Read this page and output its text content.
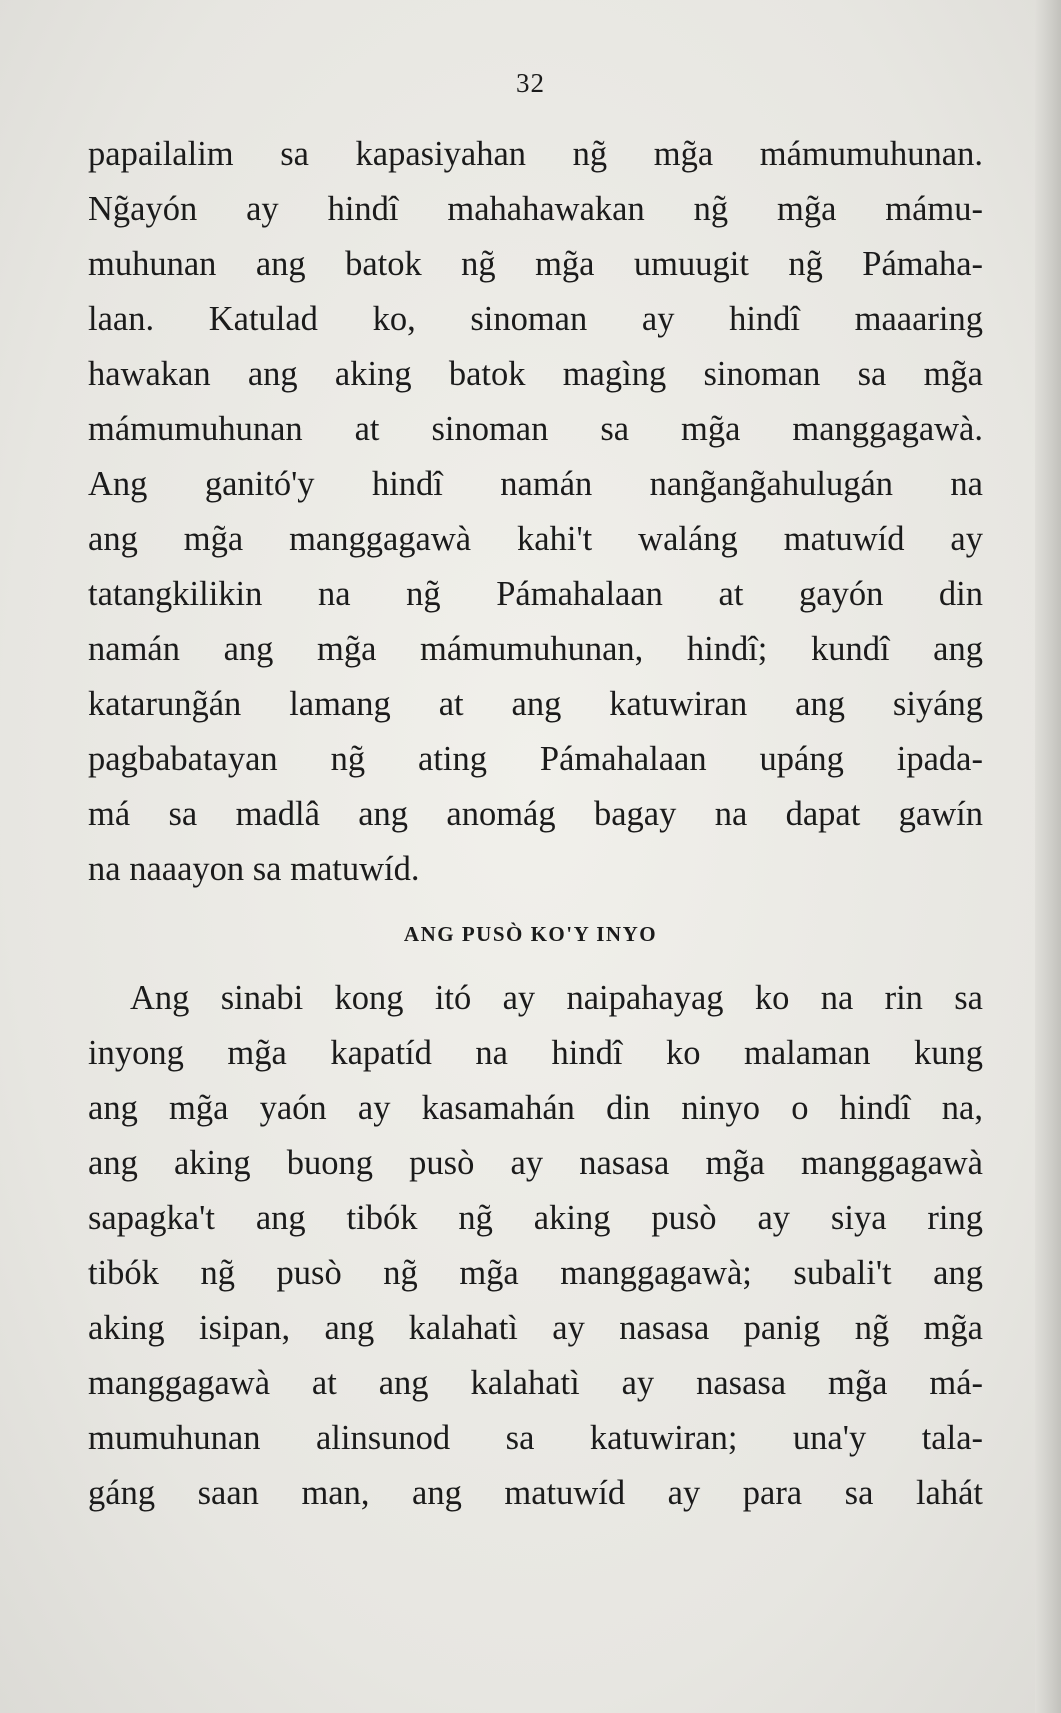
32
papailalim sa kapasiyahan ng̃ mg̃a mámumuhunan.
Ng̃ayón ay hindî mahahawakan ng̃ mg̃a mámu-
muhunan ang batok ng̃ mg̃a umuugit ng̃ Pámaha-
laan. Katulad ko, sinoman ay hindî maaaring
hawakan ang aking batok magìng sinoman sa mg̃a
mámumuhunan at sinoman sa mg̃a manggagawà.
Ang ganitó'y hindî namán nang̃ang̃ahulugán na
ang mg̃a manggagawà kahi't waláng matuwíd ay
tatangkilikin na ng̃ Pámahalaan at gayón din
namán ang mg̃a mámumuhunan, hindî; kundî ang
katarung̃án lamang at ang katuwiran ang siyáng
pagbabatayan ng̃ ating Pámahalaan upáng ipada-
má sa madlâ ang anomág bagay na dapat gawín
na naaayon sa matuwíd.
ANG PUSÒ KO'Y INYO
Ang sinabi kong itó ay naipahayag ko na rin sa
inyong mg̃a kapatíd na hindî ko malaman kung
ang mg̃a yaón ay kasamahán din ninyo o hindî na,
ang aking buong pusò ay nasasa mg̃a manggagawà
sapagka't ang tibók ng̃ aking pusò ay siya ring
tibók ng̃ pusò ng̃ mg̃a manggagawà; subali't ang
aking isipan, ang kalahatì ay nasasa panig ng̃ mg̃a
manggagawà at ang kalahatì ay nasasa mg̃a má-
mumuhunan alinsunod sa katuwiran; una'y tala-
gáng saan man, ang matuwíd ay para sa lahát
